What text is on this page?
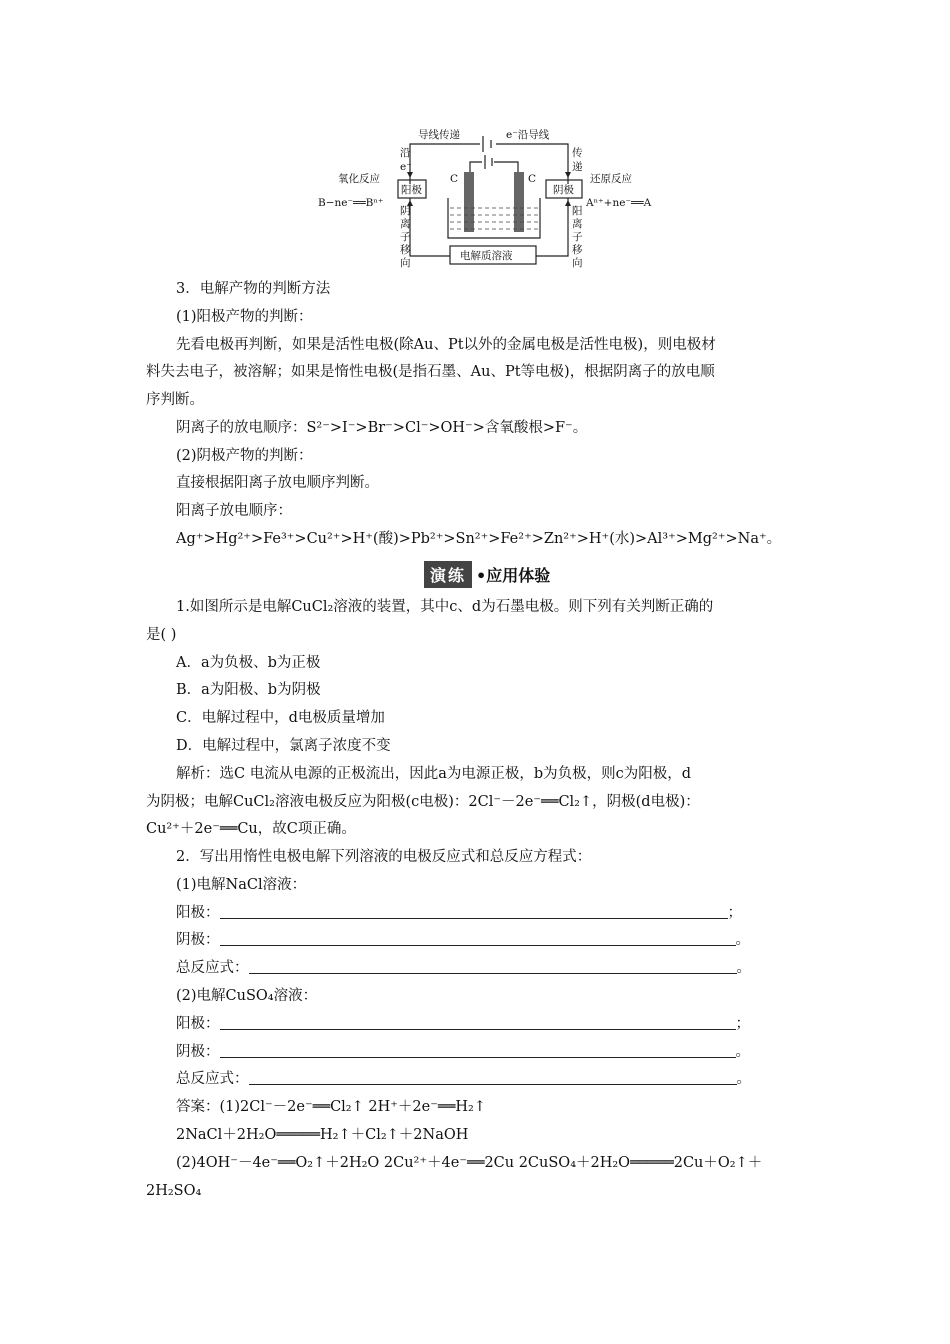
导线传递	e⁻沿导线
沿
e⁻
传
递
阳极	阴极
氧化反应	还原反应
B−ne⁻══Bⁿ⁺	Aⁿ⁺+ne⁻══A
C	C
阴
离
子
移
向
阳
离
子
移
向
电解质溶液
3．电解产物的判断方法
(1)阳极产物的判断：
先看电极再判断，如果是活性电极(除Au、Pt以外的金属电极是活性电极)，则电极材
料失去电子，被溶解；如果是惰性电极(是指石墨、Au、Pt等电极)，根据阴离子的放电顺
序判断。
阴离子的放电顺序：S²⁻>I⁻>Br⁻>Cl⁻>OH⁻>含氧酸根>F⁻。
(2)阴极产物的判断：
直接根据阳离子放电顺序判断。
阳离子放电顺序：
Ag⁺>Hg²⁺>Fe³⁺>Cu²⁺>H⁺(酸)>Pb²⁺>Sn²⁺>Fe²⁺>Zn²⁺>H⁺(水)>Al³⁺>Mg²⁺>Na⁺。
演练 •应用体验
1.如图所示是电解CuCl₂溶液的装置，其中c、d为石墨电极。则下列有关判断正确的
是( )
A．a为负极、b为正极
B．a为阳极、b为阴极
C．电解过程中，d电极质量增加
D．电解过程中，氯离子浓度不变
解析：选C 电流从电源的正极流出，因此a为电源正极，b为负极，则c为阳极，d
为阴极；电解CuCl₂溶液电极反应为阳极(c电极)：2Cl⁻－2e⁻══Cl₂↑，阴极(d电极)：
Cu²⁺＋2e⁻══Cu，故C项正确。
2．写出用惰性电极电解下列溶液的电极反应式和总反应方程式：
(1)电解NaCl溶液：
阳极：	；
阴极：	。
总反应式：	。
(2)电解CuSO₄溶液：
阳极：	；
阴极：	。
总反应式：	。
答案：(1)2Cl⁻－2e⁻══Cl₂↑ 2H⁺＋2e⁻══H₂↑
2NaCl＋2H₂O═════H₂↑＋Cl₂↑＋2NaOH
(2)4OH⁻－4e⁻══O₂↑＋2H₂O 2Cu²⁺＋4e⁻══2Cu 2CuSO₄＋2H₂O═════2Cu＋O₂↑＋
2H₂SO₄
